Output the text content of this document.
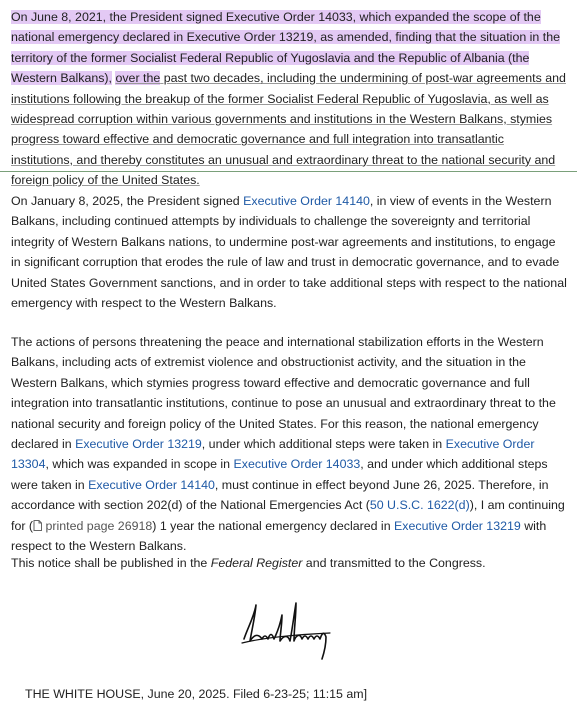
On June 8, 2021, the President signed Executive Order 14033, which expanded the scope of the national emergency declared in Executive Order 13219, as amended, finding that the situation in the territory of the former Socialist Federal Republic of Yugoslavia and the Republic of Albania (the Western Balkans), over the past two decades, including the undermining of post-war agreements and institutions following the breakup of the former Socialist Federal Republic of Yugoslavia, as well as widespread corruption within various governments and institutions in the Western Balkans, stymies progress toward effective and democratic governance and full integration into transatlantic institutions, and thereby constitutes an unusual and extraordinary threat to the national security and foreign policy of the United States.

On January 8, 2025, the President signed Executive Order 14140, in view of events in the Western Balkans, including continued attempts by individuals to challenge the sovereignty and territorial integrity of Western Balkans nations, to undermine post-war agreements and institutions, to engage in significant corruption that erodes the rule of law and trust in democratic governance, and to evade United States Government sanctions, and in order to take additional steps with respect to the national emergency with respect to the Western Balkans.

The actions of persons threatening the peace and international stabilization efforts in the Western Balkans, including acts of extremist violence and obstructionist activity, and the situation in the Western Balkans, which stymies progress toward effective and democratic governance and full integration into transatlantic institutions, continue to pose an unusual and extraordinary threat to the national security and foreign policy of the United States. For this reason, the national emergency declared in Executive Order 13219, under which additional steps were taken in Executive Order 13304, which was expanded in scope in Executive Order 14033, and under which additional steps were taken in Executive Order 14140, must continue in effect beyond June 26, 2025. Therefore, in accordance with section 202(d) of the National Emergencies Act (50 U.S.C. 1622(d)), I am continuing for ( printed page 26918) 1 year the national emergency declared in Executive Order 13219 with respect to the Western Balkans.

This notice shall be published in the Federal Register and transmitted to the Congress.

THE WHITE HOUSE, June 20, 2025. Filed 6-23-25; 11:15 am]
